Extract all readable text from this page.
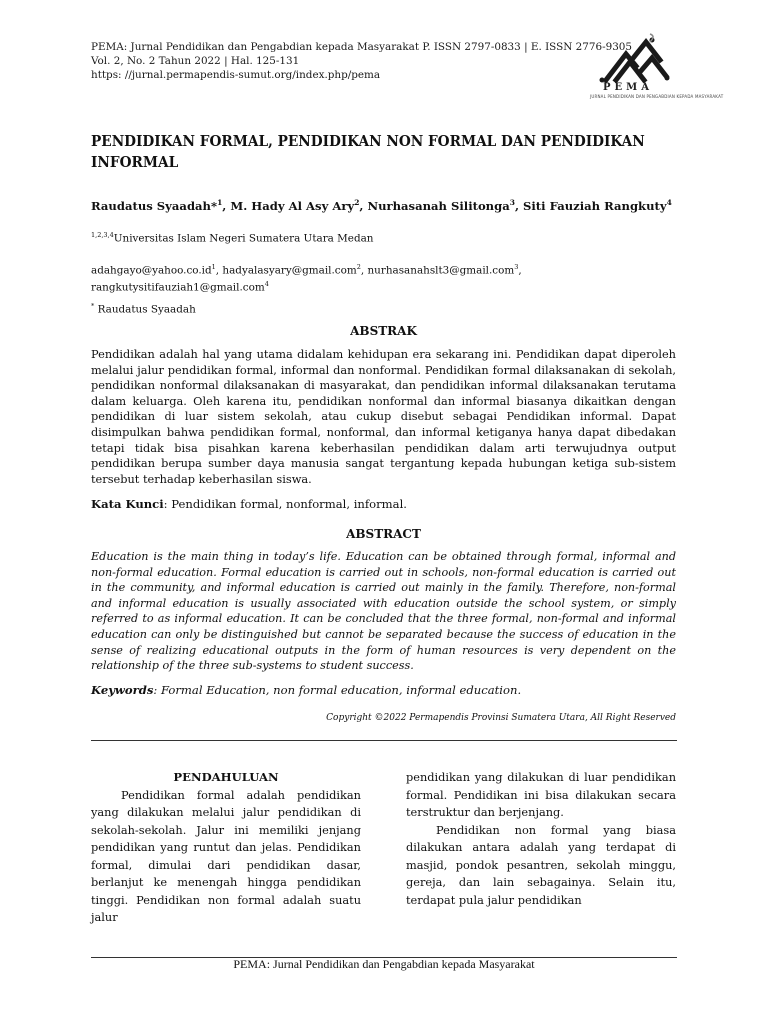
PEMA: Jurnal Pendidikan dan Pengabdian kepada Masyarakat P. ISSN 2797-0833 | E. ISSN 2776-9305
Vol. 2, No. 2 Tahun 2022 | Hal. 125-131
https: //jurnal.permapendis-sumut.org/index.php/pema
PEMA
JURNAL PENDIDIKAN DAN PENGABDIAN KEPADA MASYARAKAT
PENDIDIKAN FORMAL, PENDIDIKAN NON FORMAL DAN PENDIDIKAN INFORMAL
Raudatus Syaadah*$^1$, M. Hady Al Asy Ary$^2$, Nurhasanah Silitonga$^3$, Siti Fauziah Rangkuty$^4$
$^{1,2,3,4}$Universitas Islam Negeri Sumatera Utara Medan
$adahgayo@yahoo.co.id^1$, hadyalasyary@gmail.com$^2$, nurhasanahslt3@gmail.com$^3$,
rangkutysitifauziah1@gmail.com$^4$
* Raudatus Syaadah
ABSTRAK
Pendidikan adalah hal yang utama didalam kehidupan era sekarang ini. Pendidikan dapat diperoleh melalui jalur pendidikan formal, informal dan nonformal. Pendidikan formal dilaksanakan di sekolah, pendidikan nonformal dilaksanakan di masyarakat, dan pendidikan informal dilaksanakan terutama dalam keluarga. Oleh karena itu, pendidikan nonformal dan informal biasanya dikaitkan dengan pendidikan di luar sistem sekolah, atau cukup disebut sebagai Pendidikan informal. Dapat disimpulkan bahwa pendidikan formal, nonformal, dan informal ketiganya hanya dapat dibedakan tetapi tidak bisa pisahkan karena keberhasilan pendidikan dalam arti terwujudnya output pendidikan berupa sumber daya manusia sangat tergantung kepada hubungan ketiga sub-sistem tersebut terhadap keberhasilan siswa.
Kata Kunci: Pendidikan formal, nonformal, informal.
ABSTRACT
Education is the main thing in today’s life. Education can be obtained through formal, informal and non-formal education. Formal education is carried out in schools, non-formal education is carried out in the community, and informal education is carried out mainly in the family. Therefore, non-formal and informal education is usually associated with education outside the school system, or simply referred to as informal education. It can be concluded that the three formal, non-formal and informal education can only be distinguished but cannot be separated because the success of education in the sense of realizing educational outputs in the form of human resources is very dependent on the relationship of the three sub-systems to student success.
Keywords: Formal Education, non formal education, informal education.
Copyright ©2022 Permapendis Provinsi Sumatera Utara, All Right Reserved

PENDAHULUAN

Pendidikan formal adalah pendidikan yang dilakukan melalui jalur pendidikan di sekolah-sekolah. Jalur ini memiliki jenjang pendidikan yang runtut dan jelas. Pendidikan formal, dimulai dari pendidikan dasar, berlanjut ke menengah hingga pendidikan tinggi. Pendidikan non formal adalah suatu jalur

pendidikan yang dilakukan di luar pendidikan formal. Pendidikan ini bisa dilakukan secara terstruktur dan berjenjang.

Pendidikan non formal yang biasa dilakukan antara adalah yang terdapat di masjid, pondok pesantren, sekolah minggu, gereja, dan lain sebagainya. Selain itu, terdapat pula jalur pendidikan

PEMA: Jurnal Pendidikan dan Pengabdian kepada Masyarakat
